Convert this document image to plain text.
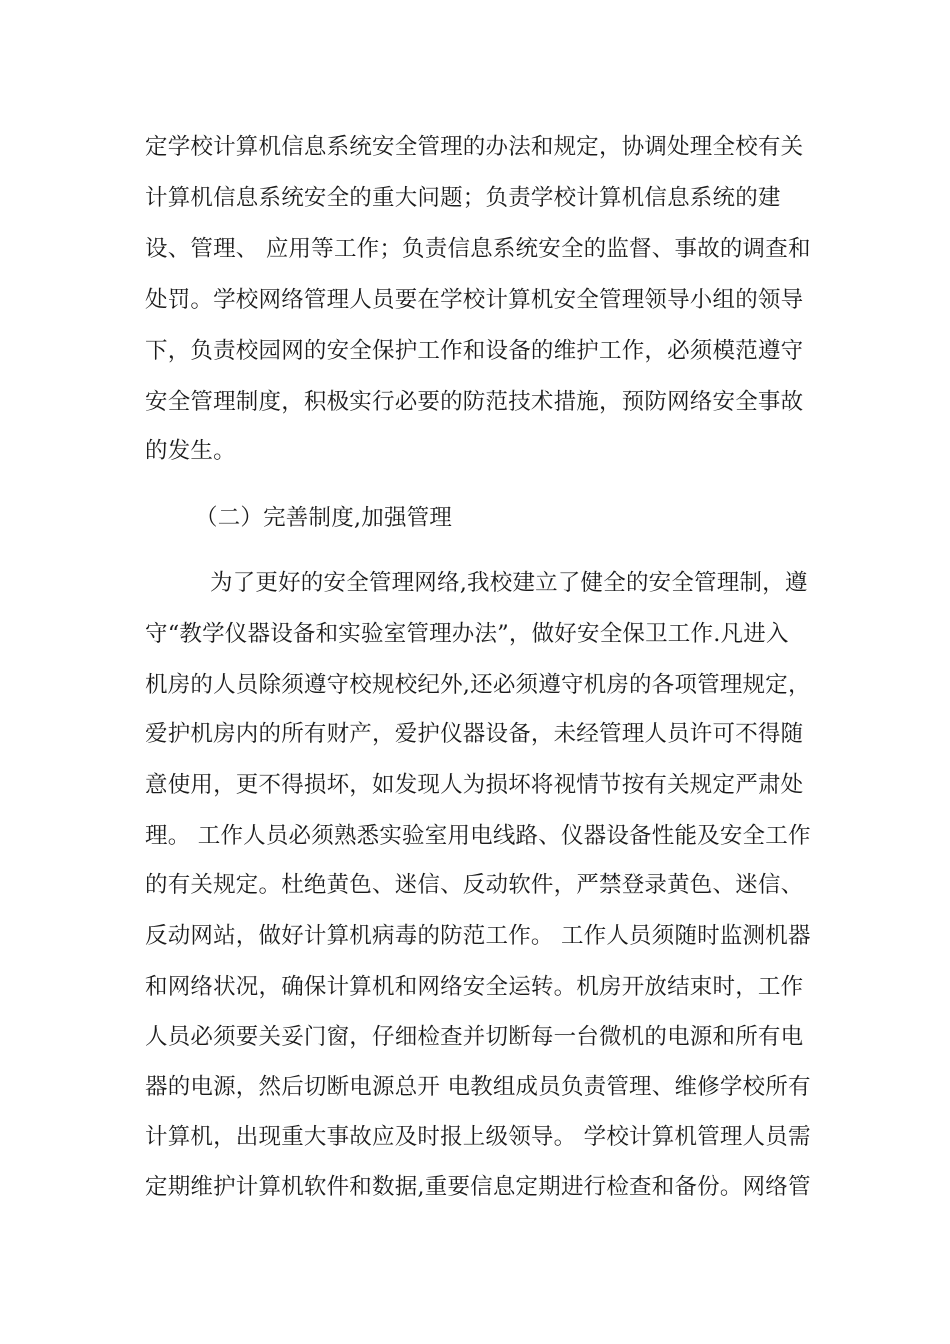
定学校计算机信息系统安全管理的办法和规定，协调处理全校有关
计算机信息系统安全的重大问题；负责学校计算机信息系统的建
设、管理、 应用等工作；负责信息系统安全的监督、事故的调查和
处罚。学校网络管理人员要在学校计算机安全管理领导小组的领导
下，负责校园网的安全保护工作和设备的维护工作，必须模范遵守
安全管理制度，积极实行必要的防范技术措施，预防网络安全事故
的发生。
（二）完善制度,加强管理
为了更好的安全管理网络,我校建立了健全的安全管理制，遵
守“教学仪器设备和实验室管理办法”，做好安全保卫工作.凡进入
机房的人员除须遵守校规校纪外,还必须遵守机房的各项管理规定，
爱护机房内的所有财产，爱护仪器设备，未经管理人员许可不得随
意使用，更不得损坏，如发现人为损坏将视情节按有关规定严肃处
理。 工作人员必须熟悉实验室用电线路、仪器设备性能及安全工作
的有关规定。杜绝黄色、迷信、反动软件，严禁登录黄色、迷信、
反动网站，做好计算机病毒的防范工作。 工作人员须随时监测机器
和网络状况，确保计算机和网络安全运转。机房开放结束时，工作
人员必须要关妥门窗，仔细检查并切断每一台微机的电源和所有电
器的电源，然后切断电源总开 电教组成员负责管理、维修学校所有
计算机，出现重大事故应及时报上级领导。 学校计算机管理人员需
定期维护计算机软件和数据,重要信息定期进行检查和备份。网络管
